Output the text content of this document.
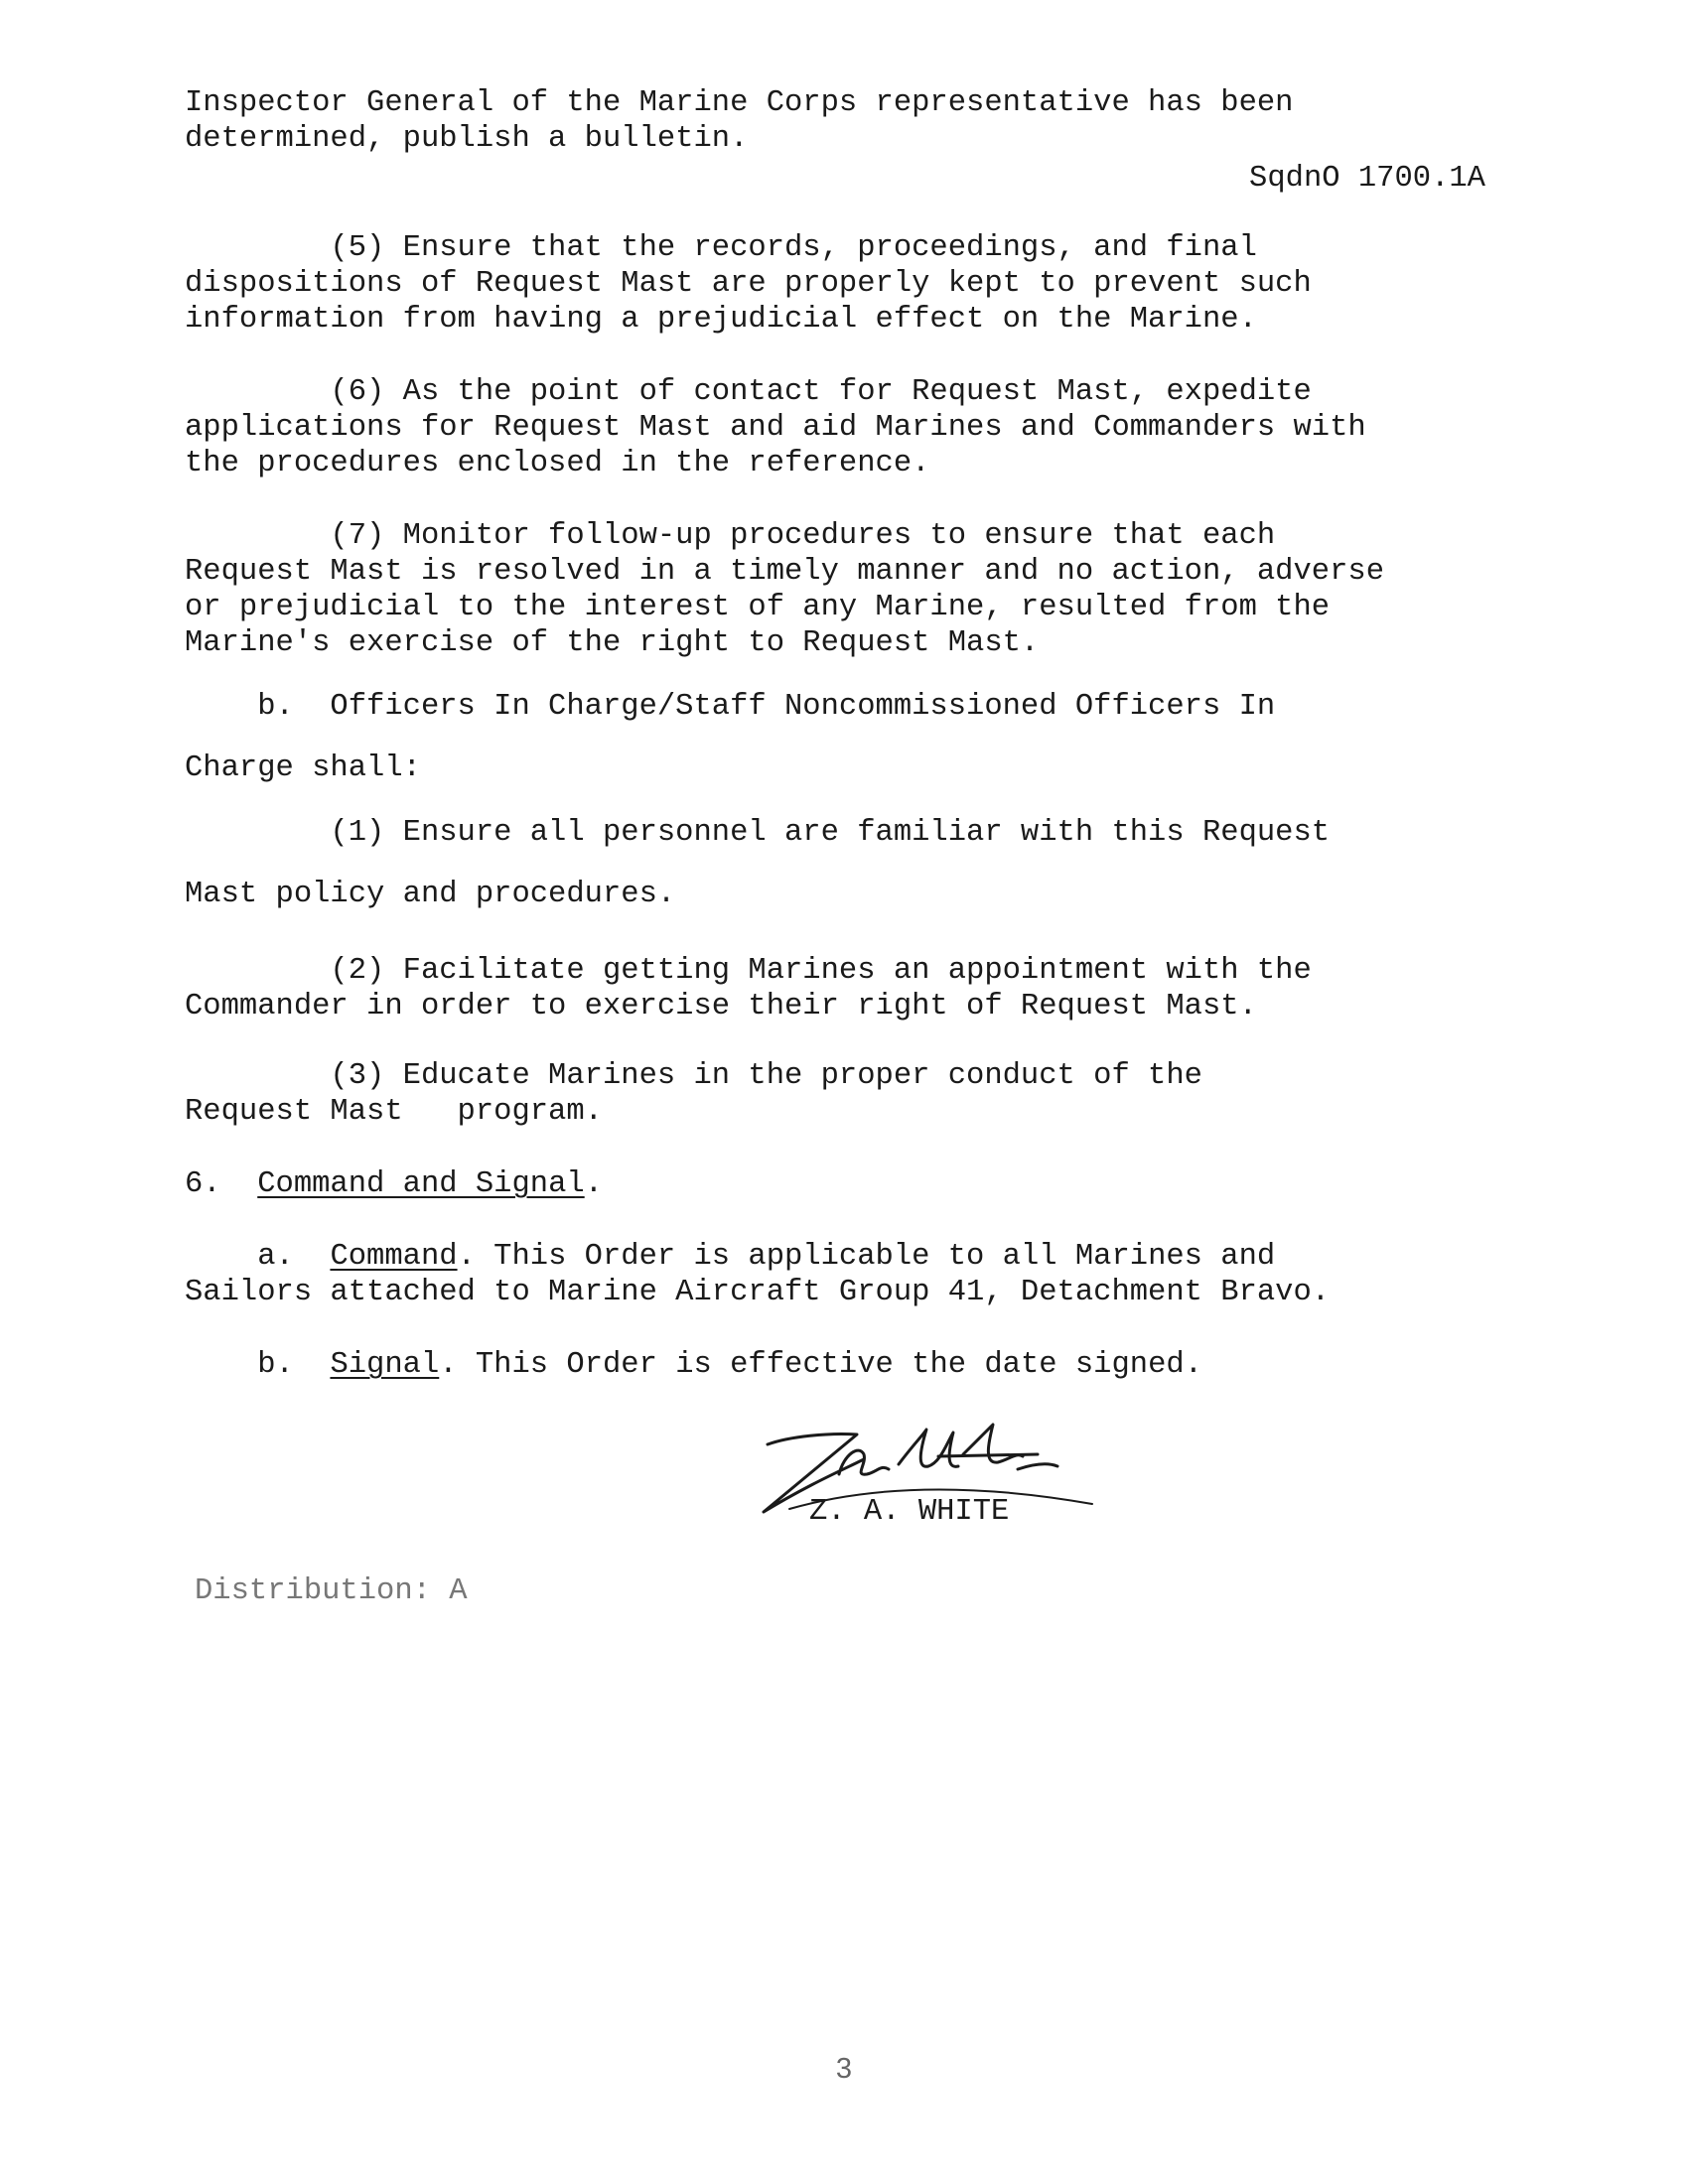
Inspector General of the Marine Corps representative has been

determined, publish a bulletin.

SqdnO 1700.1A

(5) Ensure that the records, proceedings, and final

dispositions of Request Mast are properly kept to prevent such

information from having a prejudicial effect on the Marine.

(6) As the point of contact for Request Mast, expedite

applications for Request Mast and aid Marines and Commanders with

the procedures enclosed in the reference.

(7) Monitor follow-up procedures to ensure that each

Request Mast is resolved in a timely manner and no action, adverse

or prejudicial to the interest of any Marine, resulted from the

Marine's exercise of the right to Request Mast.

b.  Officers In Charge/Staff Noncommissioned Officers In

Charge shall:

(1) Ensure all personnel are familiar with this Request

Mast policy and procedures.

(2) Facilitate getting Marines an appointment with the

Commander in order to exercise their right of Request Mast.

(3) Educate Marines in the proper conduct of the

Request Mast   program.

6.  Command and Signal.

a.  Command. This Order is applicable to all Marines and

Sailors attached to Marine Aircraft Group 41, Detachment Bravo.

b.  Signal. This Order is effective the date signed.

Z. A. WHITE
Distribution: A
3
